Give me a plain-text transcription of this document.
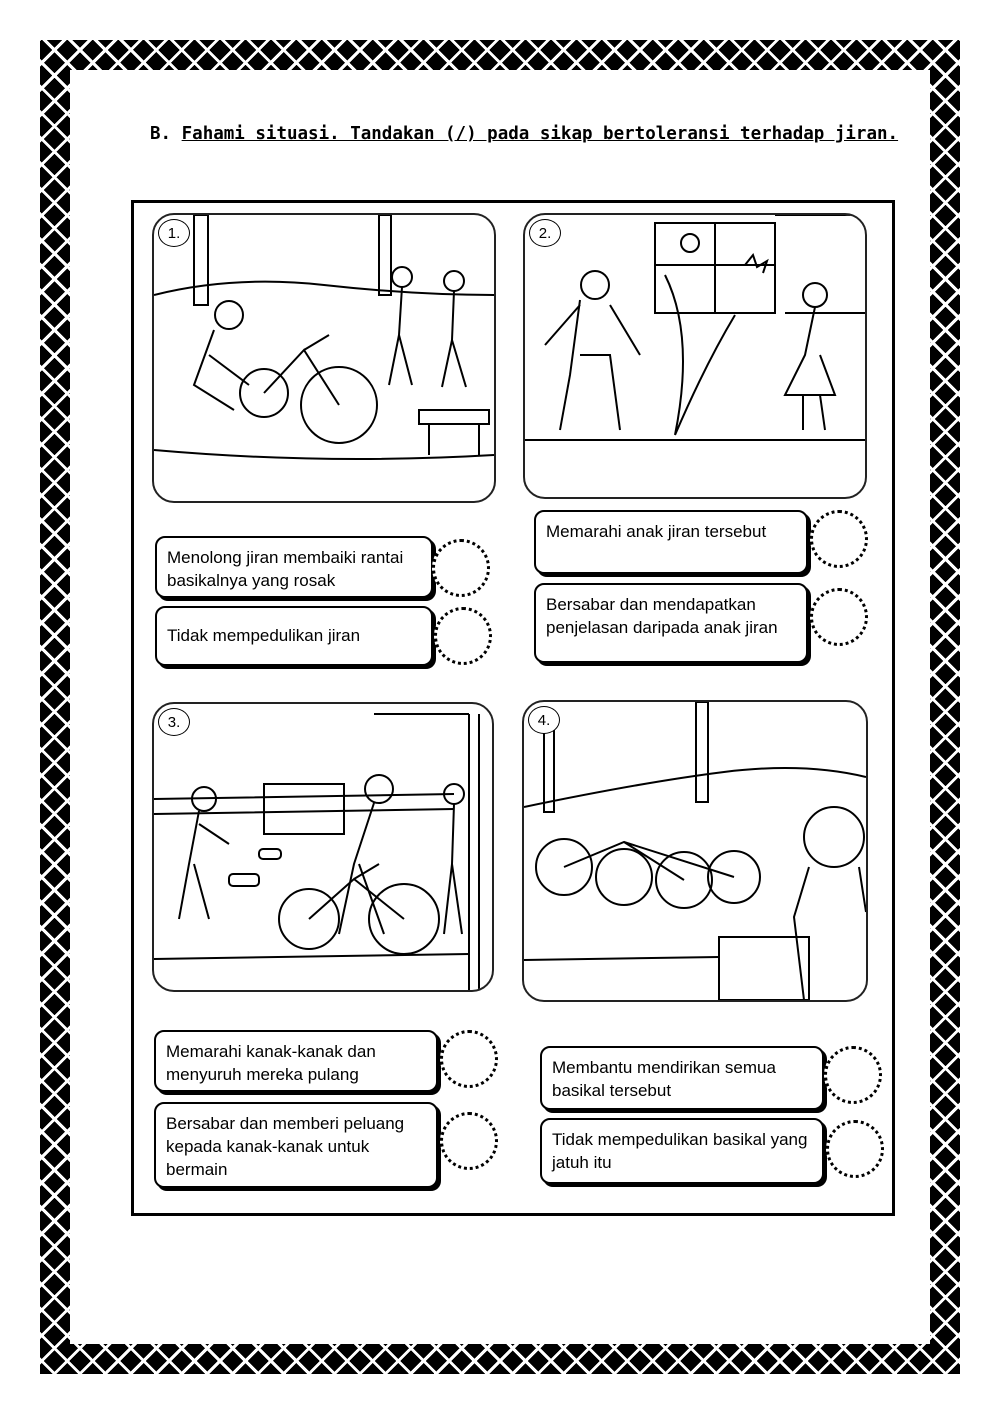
B. Fahami situasi. Tandakan (/) pada sikap bertoleransi terhadap jiran.
1.	2.
3.	4.
Menolong jiran membaiki rantai basikalnya yang rosak
Tidak mempedulikan jiran
Memarahi anak jiran tersebut
Bersabar dan mendapatkan penjelasan daripada anak jiran
Memarahi kanak-kanak dan menyuruh mereka pulang
Bersabar dan memberi peluang kepada kanak-kanak untuk bermain
Membantu mendirikan semua basikal tersebut
Tidak mempedulikan basikal yang jatuh itu
